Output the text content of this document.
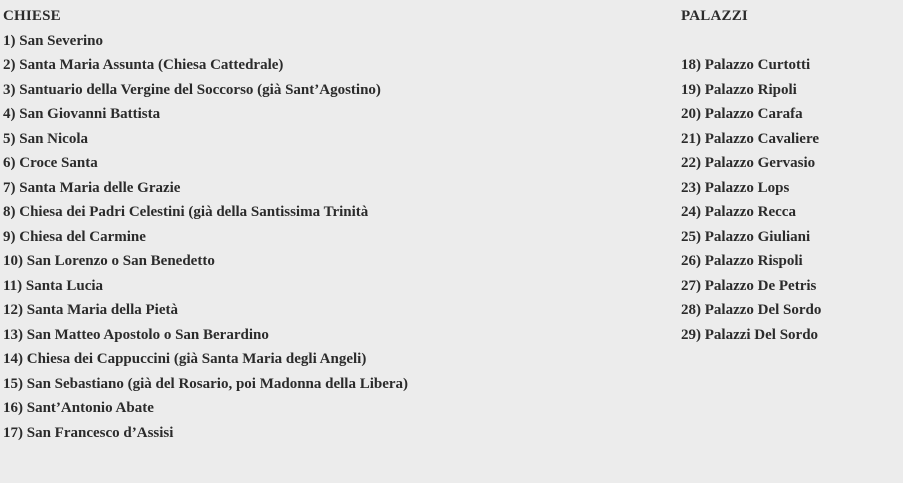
CHIESE
1) San Severino
2) Santa Maria Assunta (Chiesa Cattedrale)
3) Santuario della Vergine del Soccorso (già Sant’Agostino)
4) San Giovanni Battista
5) San Nicola
6) Croce Santa
7) Santa Maria delle Grazie
8) Chiesa dei Padri Celestini (già della Santissima Trinità
9) Chiesa del Carmine
10) San Lorenzo o San Benedetto
11) Santa Lucia
12) Santa Maria della Pietà
13) San Matteo Apostolo o San Berardino
14) Chiesa dei Cappuccini (già Santa Maria degli Angeli)
15) San Sebastiano (già del Rosario, poi Madonna della Libera)
16) Sant’Antonio Abate
17) San Francesco d’Assisi
PALAZZI
18) Palazzo Curtotti
19) Palazzo Ripoli
20) Palazzo Carafa
21) Palazzo Cavaliere
22) Palazzo Gervasio
23) Palazzo Lops
24) Palazzo Recca
25) Palazzo Giuliani
26) Palazzo Rispoli
27) Palazzo De Petris
28) Palazzo Del Sordo
29) Palazzi Del Sordo
